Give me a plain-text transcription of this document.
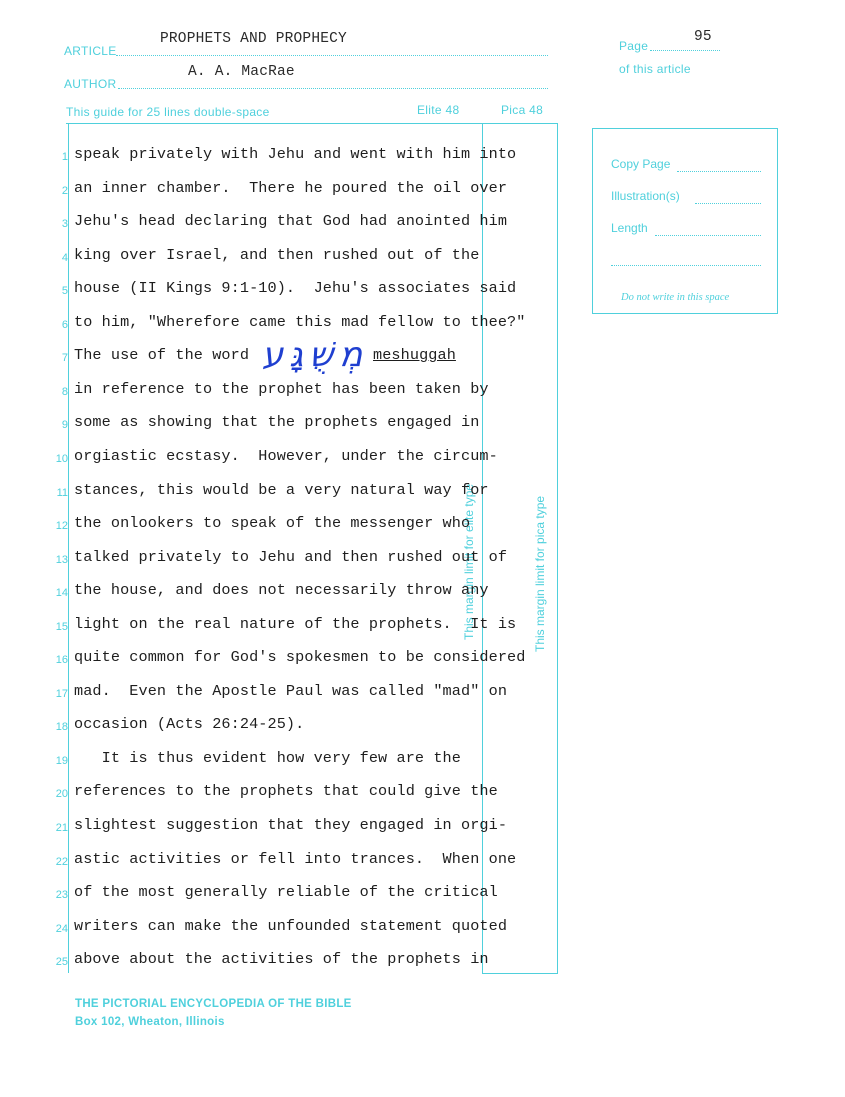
ARTICLE
PROPHETS AND PROPHECY
AUTHOR
A. A. MacRae
Page
95
of this article
This guide for 25 lines double-space	Elite 48	Pica 48
This margin limit for elite type	This margin limit for pica type
Copy Page
Illustration(s)
Length
Do not write in this space
1 speak privately with Jehu and went with him into
2 an inner chamber.  There he poured the oil over
3 Jehu's head declaring that God had anointed him
4 king over Israel, and then rushed out of the
5 house (II Kings 9:1-10).  Jehu's associates said
6 to him, "Wherefore came this mad fellow to thee?"
7 The use of the word	meshuggah
8 in reference to the prophet has been taken by
9 some as showing that the prophets engaged in
10 orgiastic ecstasy.  However, under the circum-
11 stances, this would be a very natural way for
12 the onlookers to speak of the messenger who
13 talked privately to Jehu and then rushed out of
14 the house, and does not necessarily throw any
15 light on the real nature of the prophets.  It is
16 quite common for God's spokesmen to be considered
17 mad.  Even the Apostle Paul was called "mad" on
18 occasion (Acts 26:24-25).
19 It is thus evident how very few are the
20 references to the prophets that could give the
21 slightest suggestion that they engaged in orgi-
22 astic activities or fell into trances.  When one
23 of the most generally reliable of the critical
24 writers can make the unfounded statement quoted
25 above about the activities of the prophets in
מְשֻׁגָּע
THE PICTORIAL ENCYCLOPEDIA OF THE BIBLE
Box 102, Wheaton, Illinois
